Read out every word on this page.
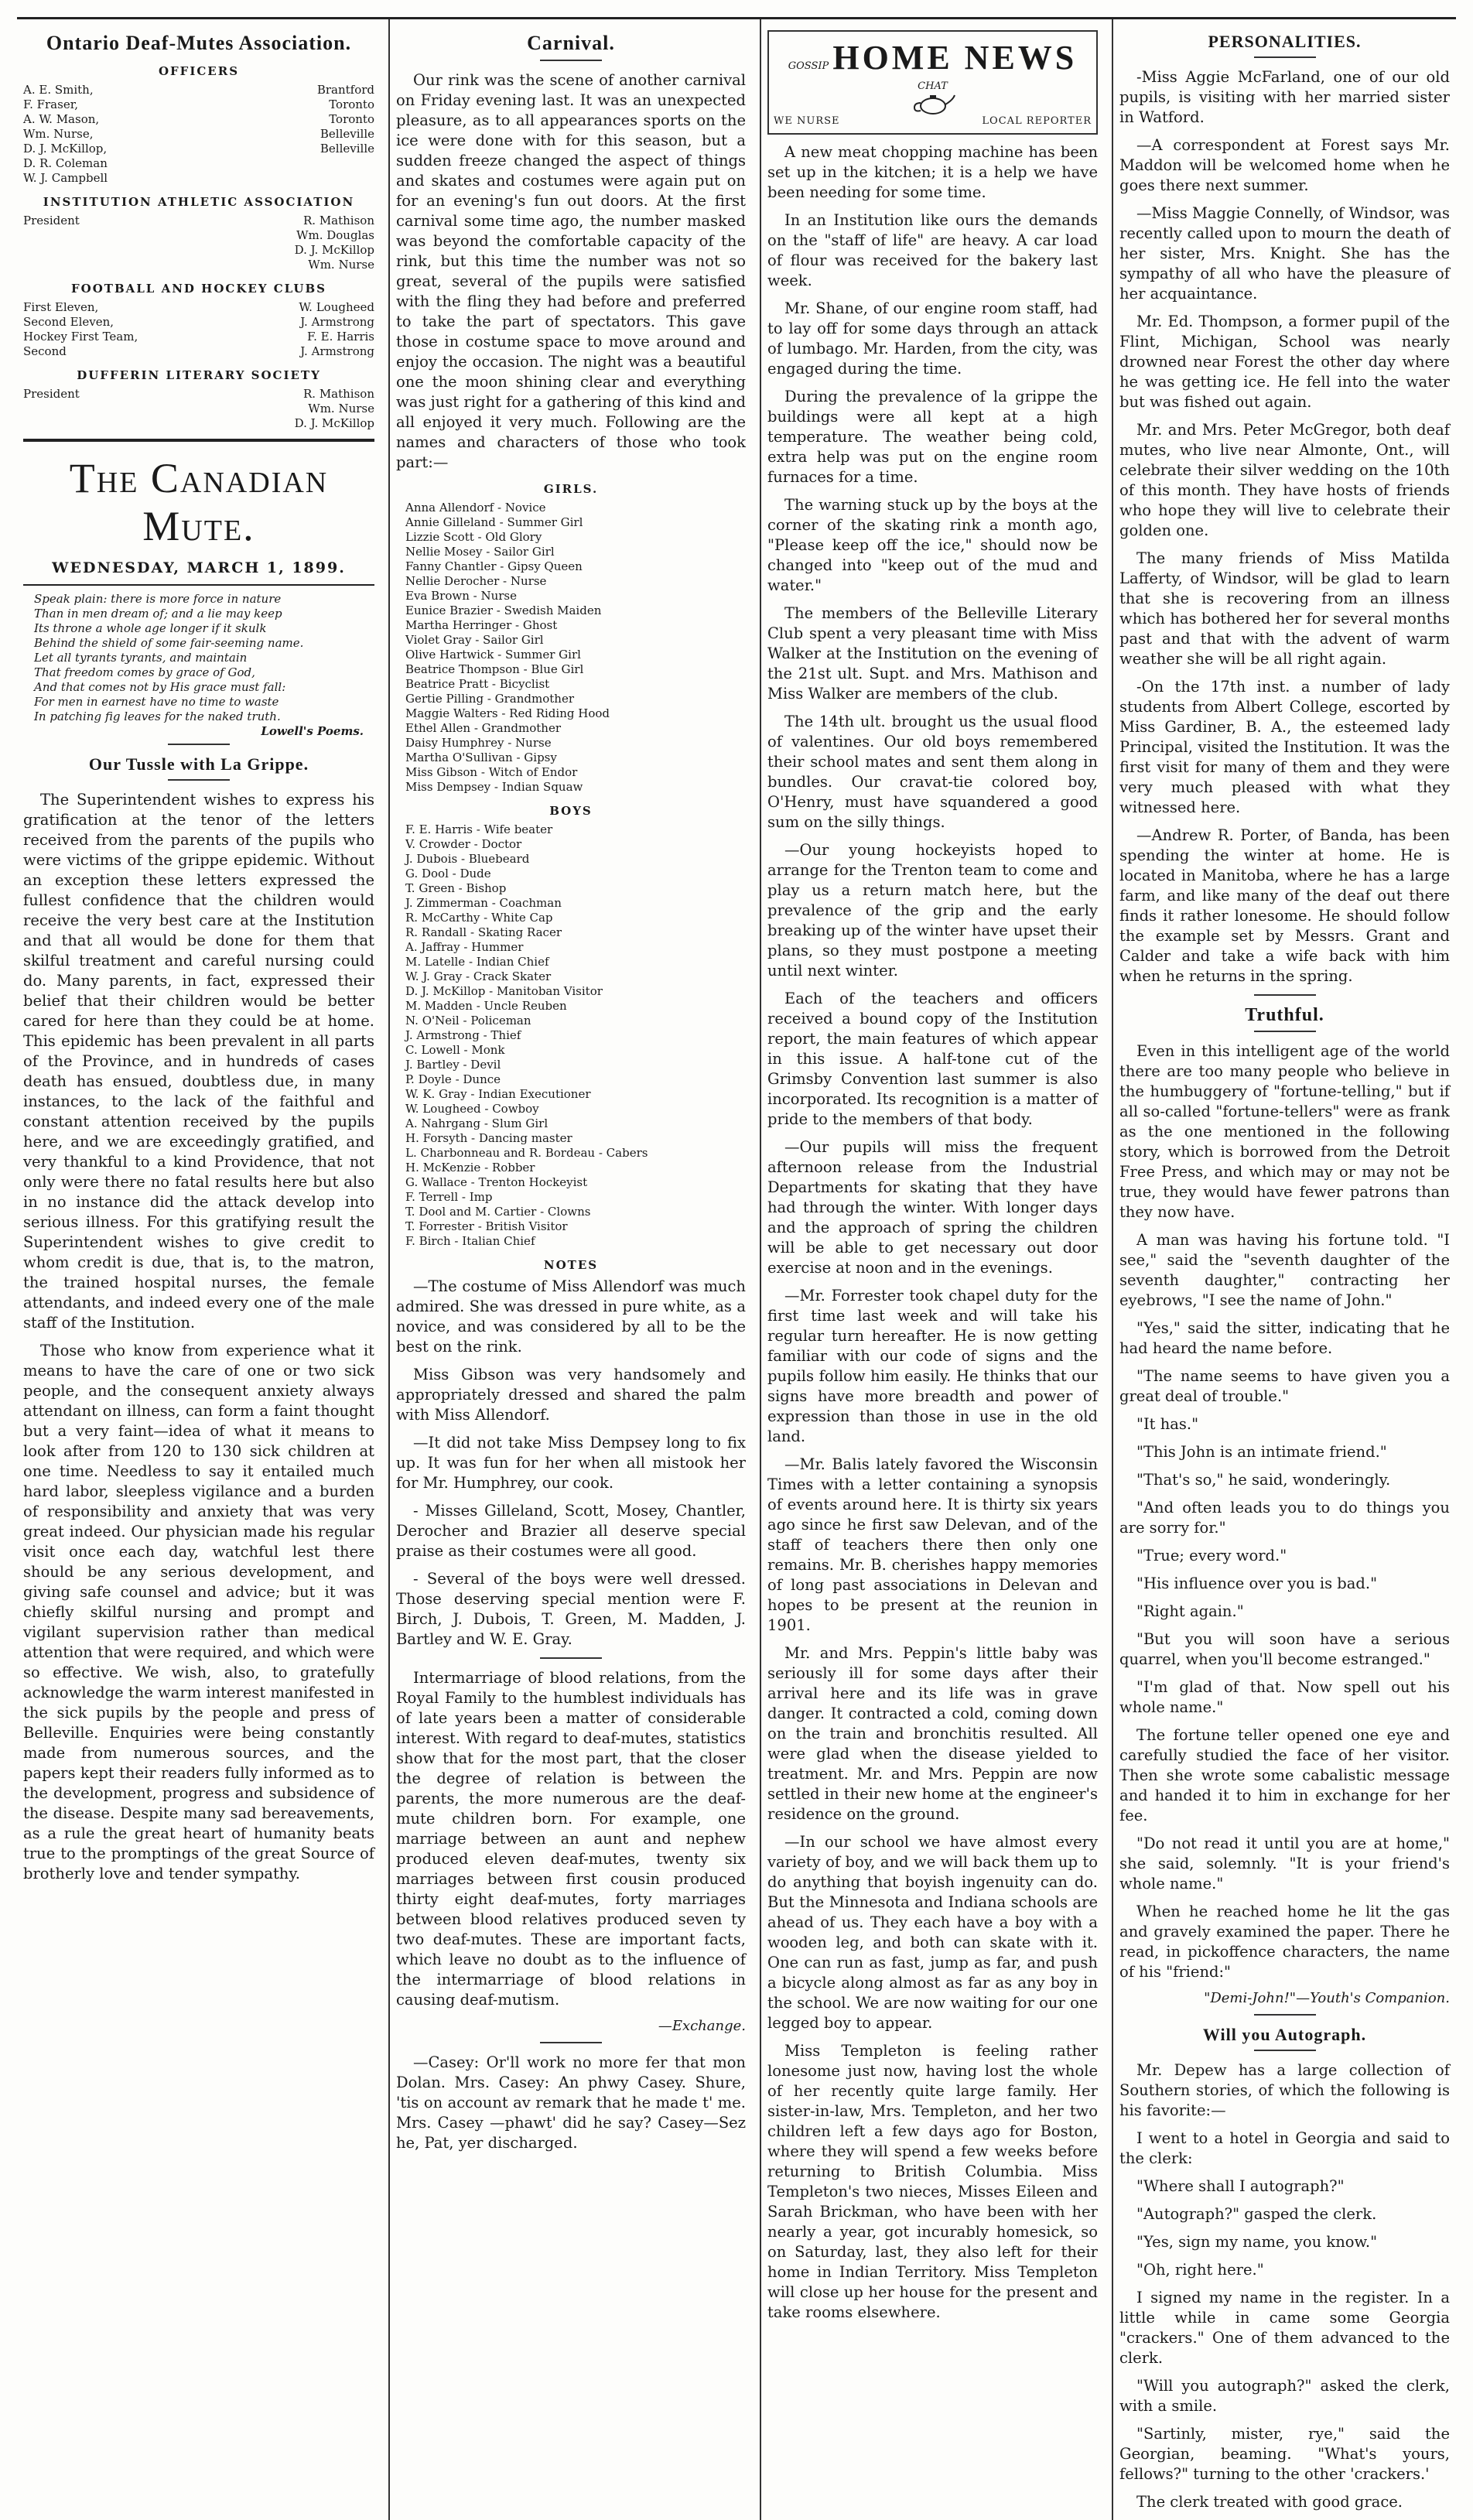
Ontario Deaf-Mutes Association.
OFFICERS
A. E. Smith,	Brantford
F. Fraser,	Toronto
A. W. Mason,	Toronto
Wm. Nurse,	Belleville
D. J. McKillop,	Belleville
D. R. Coleman
W. J. Campbell
INSTITUTION ATHLETIC ASSOCIATION
President	R. Mathison
Wm. Douglas
D. J. McKillop
Wm. Nurse
FOOTBALL AND HOCKEY CLUBS
First Eleven,	W. Lougheed
Second Eleven,	J. Armstrong
Hockey First Team,	F. E. Harris
Second	J. Armstrong
DUFFERIN LITERARY SOCIETY
President	R. Mathison
Wm. Nurse
D. J. McKillop
The Canadian Mute.
WEDNESDAY, MARCH 1, 1899.
Speak plain: there is more force in nature
Than in men dream of; and a lie may keep
Its throne a whole age longer if it skulk
Behind the shield of some fair-seeming name.
Let all tyrants tyrants, and maintain
That freedom comes by grace of God,
And that comes not by His grace must fall:
For men in earnest have no time to waste
In patching fig leaves for the naked truth.
Lowell's Poems.
Our Tussle with La Grippe.

The Superintendent wishes to express his gratification at the tenor of the letters received from the parents of the pupils who were victims of the grippe epidemic. Without an exception these letters expressed the fullest confidence that the children would receive the very best care at the Institution and that all would be done for them that skilful treatment and careful nursing could do. Many parents, in fact, expressed their belief that their children would be better cared for here than they could be at home. This epidemic has been prevalent in all parts of the Province, and in hundreds of cases death has ensued, doubtless due, in many instances, to the lack of the faithful and constant attention received by the pupils here, and we are exceedingly gratified, and very thankful to a kind Providence, that not only were there no fatal results here but also in no instance did the attack develop into serious illness. For this gratifying result the Superintendent wishes to give credit to whom credit is due, that is, to the matron, the trained hospital nurses, the female attendants, and indeed every one of the male staff of the Institution.

Those who know from experience what it means to have the care of one or two sick people, and the consequent anxiety always attendant on illness, can form a faint thought but a very faint—idea of what it means to look after from 120 to 130 sick children at one time. Needless to say it entailed much hard labor, sleepless vigilance and a burden of responsibility and anxiety that was very great indeed. Our physician made his regular visit once each day, watchful lest there should be any serious development, and giving safe counsel and advice; but it was chiefly skilful nursing and prompt and vigilant supervision rather than medical attention that were required, and which were so effective. We wish, also, to gratefully acknowledge the warm interest manifested in the sick pupils by the people and press of Belleville. Enquiries were being constantly made from numerous sources, and the papers kept their readers fully informed as to the development, progress and subsidence of the disease. Despite many sad bereavements, as a rule the great heart of humanity beats true to the promptings of the great Source of brotherly love and tender sympathy.

Carnival.

Our rink was the scene of another carnival on Friday evening last. It was an unexpected pleasure, as to all appearances sports on the ice were done with for this season, but a sudden freeze changed the aspect of things and skates and costumes were again put on for an evening's fun out doors. At the first carnival some time ago, the number masked was beyond the comfortable capacity of the rink, but this time the number was not so great, several of the pupils were satisfied with the fling they had before and preferred to take the part of spectators. This gave those in costume space to move around and enjoy the occasion. The night was a beautiful one the moon shining clear and everything was just right for a gathering of this kind and all enjoyed it very much. Following are the names and characters of those who took part:—

GIRLS.
Anna Allendorf - Novice
Annie Gilleland - Summer Girl
Lizzie Scott - Old Glory
Nellie Mosey - Sailor Girl
Fanny Chantler - Gipsy Queen
Nellie Derocher - Nurse
Eva Brown - Nurse
Eunice Brazier - Swedish Maiden
Martha Herringer - Ghost
Violet Gray - Sailor Girl
Olive Hartwick - Summer Girl
Beatrice Thompson - Blue Girl
Beatrice Pratt - Bicyclist
Gertie Pilling - Grandmother
Maggie Walters - Red Riding Hood
Ethel Allen - Grandmother
Daisy Humphrey - Nurse
Martha O'Sullivan - Gipsy
Miss Gibson - Witch of Endor
Miss Dempsey - Indian Squaw
BOYS
F. E. Harris - Wife beater
V. Crowder - Doctor
J. Dubois - Bluebeard
G. Dool - Dude
T. Green - Bishop
J. Zimmerman - Coachman
R. McCarthy - White Cap
R. Randall - Skating Racer
A. Jaffray - Hummer
M. Latelle - Indian Chief
W. J. Gray - Crack Skater
D. J. McKillop - Manitoban Visitor
M. Madden - Uncle Reuben
N. O'Neil - Policeman
J. Armstrong - Thief
C. Lowell - Monk
J. Bartley - Devil
P. Doyle - Dunce
W. K. Gray - Indian Executioner
W. Lougheed - Cowboy
A. Nahrgang - Slum Girl
H. Forsyth - Dancing master
L. Charbonneau and R. Bordeau - Cabers
H. McKenzie - Robber
G. Wallace - Trenton Hockeyist
F. Terrell - Imp
T. Dool and M. Cartier - Clowns
T. Forrester - British Visitor
F. Birch - Italian Chief
NOTES

—The costume of Miss Allendorf was much admired. She was dressed in pure white, as a novice, and was considered by all to be the best on the rink.

Miss Gibson was very handsomely and appropriately dressed and shared the palm with Miss Allendorf.

—It did not take Miss Dempsey long to fix up. It was fun for her when all mistook her for Mr. Humphrey, our cook.

- Misses Gilleland, Scott, Mosey, Chantler, Derocher and Brazier all deserve special praise as their costumes were all good.

- Several of the boys were well dressed. Those deserving special mention were F. Birch, J. Dubois, T. Green, M. Madden, J. Bartley and W. E. Gray.

Intermarriage of blood relations, from the Royal Family to the humblest individuals has of late years been a matter of considerable interest. With regard to deaf-mutes, statistics show that for the most part, that the closer the degree of relation is between the parents, the more numerous are the deaf-mute children born. For example, one marriage between an aunt and nephew produced eleven deaf-mutes, twenty six marriages between first cousin produced thirty eight deaf-mutes, forty marriages between blood relatives produced seven ty two deaf-mutes. These are important facts, which leave no doubt as to the influence of the intermarriage of blood relations in causing deaf-mutism.

—Exchange.

—Casey: Or'll work no more fer that mon Dolan. Mrs. Casey: An phwy Casey. Shure, 'tis on account av remark that he made t' me. Mrs. Casey —phawt' did he say? Casey—Sez he, Pat, yer discharged.

GOSSIP HOME NEWS CHAT
WE NURSE	LOCAL REPORTER

A new meat chopping machine has been set up in the kitchen; it is a help we have been needing for some time.

In an Institution like ours the demands on the "staff of life" are heavy. A car load of flour was received for the bakery last week.

Mr. Shane, of our engine room staff, had to lay off for some days through an attack of lumbago. Mr. Harden, from the city, was engaged during the time.

During the prevalence of la grippe the buildings were all kept at a high temperature. The weather being cold, extra help was put on the engine room furnaces for a time.

The warning stuck up by the boys at the corner of the skating rink a month ago, "Please keep off the ice," should now be changed into "keep out of the mud and water."

The members of the Belleville Literary Club spent a very pleasant time with Miss Walker at the Institution on the evening of the 21st ult. Supt. and Mrs. Mathison and Miss Walker are members of the club.

The 14th ult. brought us the usual flood of valentines. Our old boys remembered their school mates and sent them along in bundles. Our cravat-tie colored boy, O'Henry, must have squandered a good sum on the silly things.

—Our young hockeyists hoped to arrange for the Trenton team to come and play us a return match here, but the prevalence of the grip and the early breaking up of the winter have upset their plans, so they must postpone a meeting until next winter.

Each of the teachers and officers received a bound copy of the Institution report, the main features of which appear in this issue. A half-tone cut of the Grimsby Convention last summer is also incorporated. Its recognition is a matter of pride to the members of that body.

—Our pupils will miss the frequent afternoon release from the Industrial Departments for skating that they have had through the winter. With longer days and the approach of spring the children will be able to get necessary out door exercise at noon and in the evenings.

—Mr. Forrester took chapel duty for the first time last week and will take his regular turn hereafter. He is now getting familiar with our code of signs and the pupils follow him easily. He thinks that our signs have more breadth and power of expression than those in use in the old land.

—Mr. Balis lately favored the Wisconsin Times with a letter containing a synopsis of events around here. It is thirty six years ago since he first saw Delevan, and of the staff of teachers there then only one remains. Mr. B. cherishes happy memories of long past associations in Delevan and hopes to be present at the reunion in 1901.

Mr. and Mrs. Peppin's little baby was seriously ill for some days after their arrival here and its life was in grave danger. It contracted a cold, coming down on the train and bronchitis resulted. All were glad when the disease yielded to treatment. Mr. and Mrs. Peppin are now settled in their new home at the engineer's residence on the ground.

—In our school we have almost every variety of boy, and we will back them up to do anything that boyish ingenuity can do. But the Minnesota and Indiana schools are ahead of us. They each have a boy with a wooden leg, and both can skate with it. One can run as fast, jump as far, and push a bicycle along almost as far as any boy in the school. We are now waiting for our one legged boy to appear.

Miss Templeton is feeling rather lonesome just now, having lost the whole of her recently quite large family. Her sister-in-law, Mrs. Templeton, and her two children left a few days ago for Boston, where they will spend a few weeks before returning to British Columbia. Miss Templeton's two nieces, Misses Eileen and Sarah Brickman, who have been with her nearly a year, got incurably homesick, so on Saturday, last, they also left for their home in Indian Territory. Miss Templeton will close up her house for the present and take rooms elsewhere.

PERSONALITIES.

-Miss Aggie McFarland, one of our old pupils, is visiting with her married sister in Watford.

—A correspondent at Forest says Mr. Maddon will be welcomed home when he goes there next summer.

—Miss Maggie Connelly, of Windsor, was recently called upon to mourn the death of her sister, Mrs. Knight. She has the sympathy of all who have the pleasure of her acquaintance.

Mr. Ed. Thompson, a former pupil of the Flint, Michigan, School was nearly drowned near Forest the other day where he was getting ice. He fell into the water but was fished out again.

Mr. and Mrs. Peter McGregor, both deaf mutes, who live near Almonte, Ont., will celebrate their silver wedding on the 10th of this month. They have hosts of friends who hope they will live to celebrate their golden one.

The many friends of Miss Matilda Lafferty, of Windsor, will be glad to learn that she is recovering from an illness which has bothered her for several months past and that with the advent of warm weather she will be all right again.

-On the 17th inst. a number of lady students from Albert College, escorted by Miss Gardiner, B. A., the esteemed lady Principal, visited the Institution. It was the first visit for many of them and they were very much pleased with what they witnessed here.

—Andrew R. Porter, of Banda, has been spending the winter at home. He is located in Manitoba, where he has a large farm, and like many of the deaf out there finds it rather lonesome. He should follow the example set by Messrs. Grant and Calder and take a wife back with him when he returns in the spring.

Truthful.

Even in this intelligent age of the world there are too many people who believe in the humbuggery of "fortune-telling," but if all so-called "fortune-tellers" were as frank as the one mentioned in the following story, which is borrowed from the Detroit Free Press, and which may or may not be true, they would have fewer patrons than they now have.

A man was having his fortune told. "I see," said the "seventh daughter of the seventh daughter," contracting her eyebrows, "I see the name of John."

"Yes," said the sitter, indicating that he had heard the name before.

"The name seems to have given you a great deal of trouble."

"It has."

"This John is an intimate friend."

"That's so," he said, wonderingly.

"And often leads you to do things you are sorry for."

"True; every word."

"His influence over you is bad."

"Right again."

"But you will soon have a serious quarrel, when you'll become estranged."

"I'm glad of that. Now spell out his whole name."

The fortune teller opened one eye and carefully studied the face of her visitor. Then she wrote some cabalistic message and handed it to him in exchange for her fee.

"Do not read it until you are at home," she said, solemnly. "It is your friend's whole name."

When he reached home he lit the gas and gravely examined the paper. There he read, in pickoffence characters, the name of his "friend:"

"Demi-John!"—Youth's Companion.
Will you Autograph.

Mr. Depew has a large collection of Southern stories, of which the following is his favorite:—

I went to a hotel in Georgia and said to the clerk:

"Where shall I autograph?"

"Autograph?" gasped the clerk.

"Yes, sign my name, you know."

"Oh, right here."

I signed my name in the register. In a little while in came some Georgia "crackers." One of them advanced to the clerk.

"Will you autograph?" asked the clerk, with a smile.

"Sartinly, mister, rye," said the Georgian, beaming. "What's yours, fellows?" turning to the other 'crackers.'

The clerk treated with good grace.
